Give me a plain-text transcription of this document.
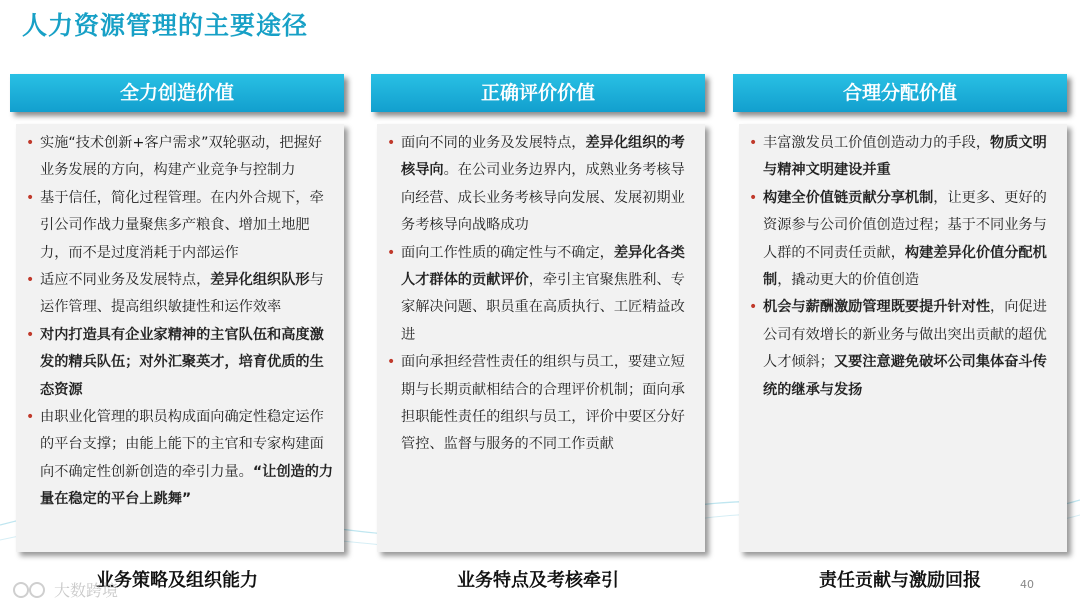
人力资源管理的主要途径
全力创造价值
• 实施“技术创新+客户需求”双轮驱动，把握好业务发展的方向，构建产业竞争与控制力
• 基于信任，简化过程管理。在内外合规下，牵引公司作战力量聚焦多产粮食、增加土地肥力，而不是过度消耗于内部运作
• 适应不同业务及发展特点，差异化组织队形与运作管理、提高组织敏捷性和运作效率
• 对内打造具有企业家精神的主官队伍和高度激发的精兵队伍；对外汇聚英才，培育优质的生态资源
• 由职业化管理的职员构成面向确定性稳定运作的平台支撑；由能上能下的主官和专家构建面向不确定性创新创造的牵引力量。“让创造的力量在稳定的平台上跳舞”
业务策略及组织能力
正确评价价值
• 面向不同的业务及发展特点，差异化组织的考核导向。在公司业务边界内，成熟业务考核导向经营、成长业务考核导向发展、发展初期业务考核导向战略成功
• 面向工作性质的确定性与不确定，差异化各类人才群体的贡献评价，牵引主官聚焦胜利、专家解决问题、职员重在高质执行、工匠精益改进
• 面向承担经营性责任的组织与员工，要建立短期与长期贡献相结合的合理评价机制；面向承担职能性责任的组织与员工，评价中要区分好管控、监督与服务的不同工作贡献
业务特点及考核牵引
合理分配价值
• 丰富激发员工价值创造动力的手段，物质文明与精神文明建设并重
• 构建全价值链贡献分享机制，让更多、更好的资源参与公司价值创造过程；基于不同业务与人群的不同责任贡献，构建差异化价值分配机制，撬动更大的价值创造
• 机会与薪酬激励管理既要提升针对性，向促进公司有效增长的新业务与做出突出贡献的超优人才倾斜；又要注意避免破坏公司集体奋斗传统的继承与发扬
责任贡献与激励回报
大数跨境	40
